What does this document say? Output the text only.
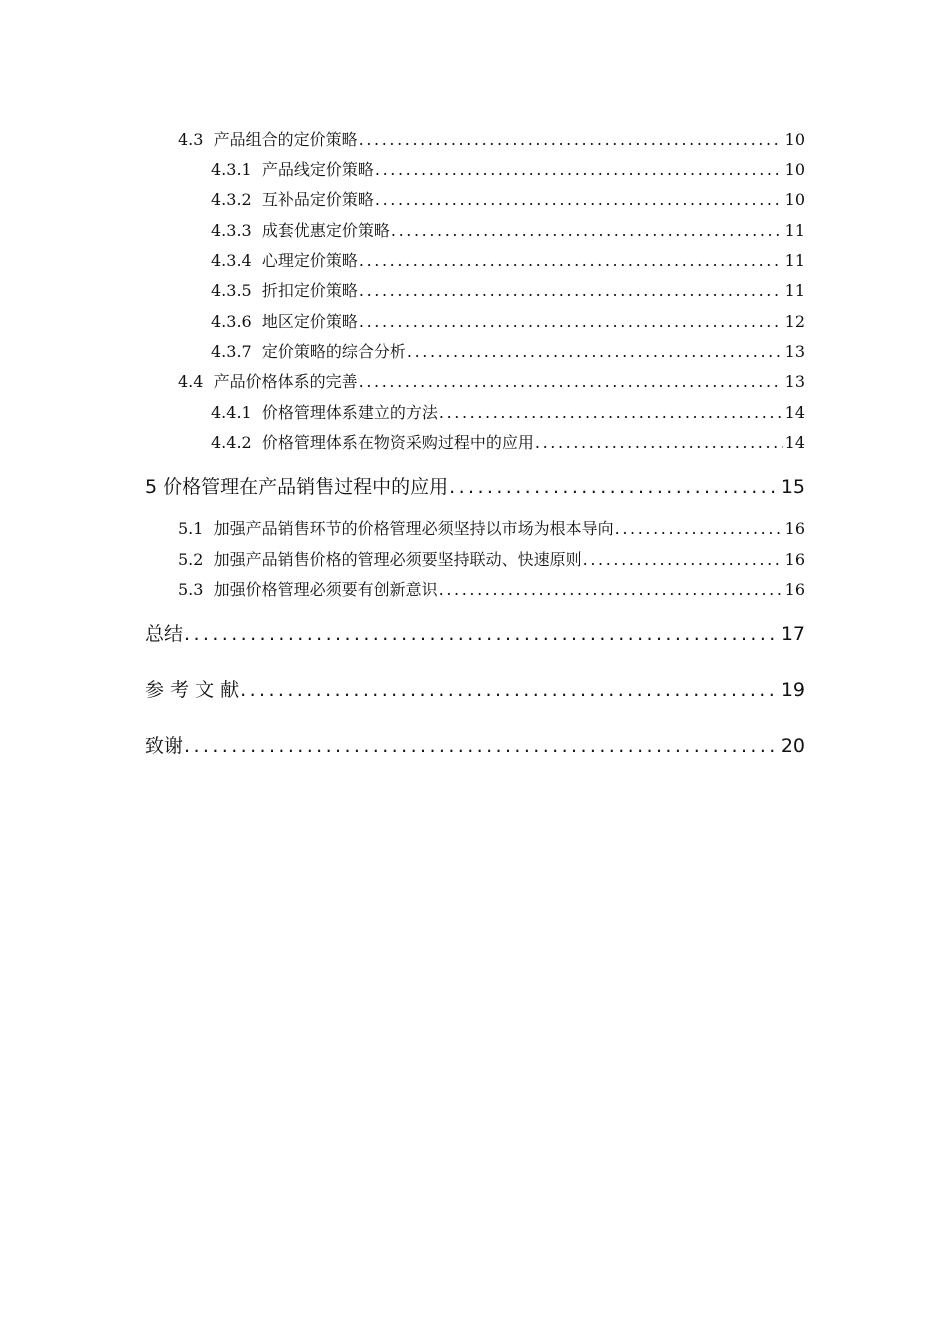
4.3 产品组合的定价策略 .....	10
4.3.1 产品线定价策略 .....	10
4.3.2 互补品定价策略 .....	10
4.3.3 成套优惠定价策略 .....	11
4.3.4 心理定价策略 .....	11
4.3.5 折扣定价策略 .....	11
4.3.6 地区定价策略 .....	12
4.3.7 定价策略的综合分析 .....	13
4.4 产品价格体系的完善 .....	13
4.4.1 价格管理体系建立的方法 .....	14
4.4.2 价格管理体系在物资采购过程中的应用 .....	14
5 价格管理在产品销售过程中的应用 .....	15
5.1 加强产品销售环节的价格管理必须坚持以市场为根本导向 .....	16
5.2 加强产品销售价格的管理必须要坚持联动、快速原则 .....	16
5.3 加强价格管理必须要有创新意识 .....	16
总结 .....	17
参 考 文 献 .....	19
致谢 .....	20
